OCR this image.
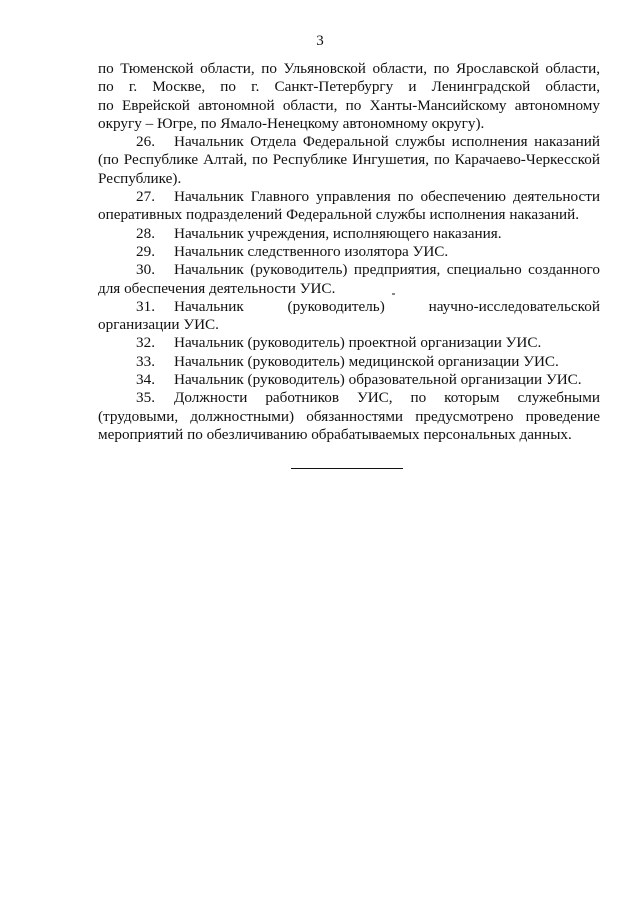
3

по Тюменской области, по Ульяновской области, по Ярославской области,

по г. Москве, по г. Санкт-Петербургу и Ленинградской области,

по Еврейской автономной области, по Ханты-Мансийскому автономному

округу – Югре, по Ямало-Ненецкому автономному округу).

26. Начальник Отдела Федеральной службы исполнения наказаний (по Республике Алтай, по Республике Ингушетия, по Карачаево-Черкесской Республике).

27. Начальник Главного управления по обеспечению деятельности оперативных подразделений Федеральной службы исполнения наказаний.

28. Начальник учреждения, исполняющего наказания.

29. Начальник следственного изолятора УИС.

30. Начальник (руководитель) предприятия, специально созданного для обеспечения деятельности УИС.

31. Начальник (руководитель) научно-исследовательской организации УИС.

32. Начальник (руководитель) проектной организации УИС.

33. Начальник (руководитель) медицинской организации УИС.

34. Начальник (руководитель) образовательной организации УИС.

35. Должности работников УИС, по которым служебными (трудовыми, должностными) обязанностями предусмотрено проведение мероприятий по обезличиванию обрабатываемых персональных данных.
